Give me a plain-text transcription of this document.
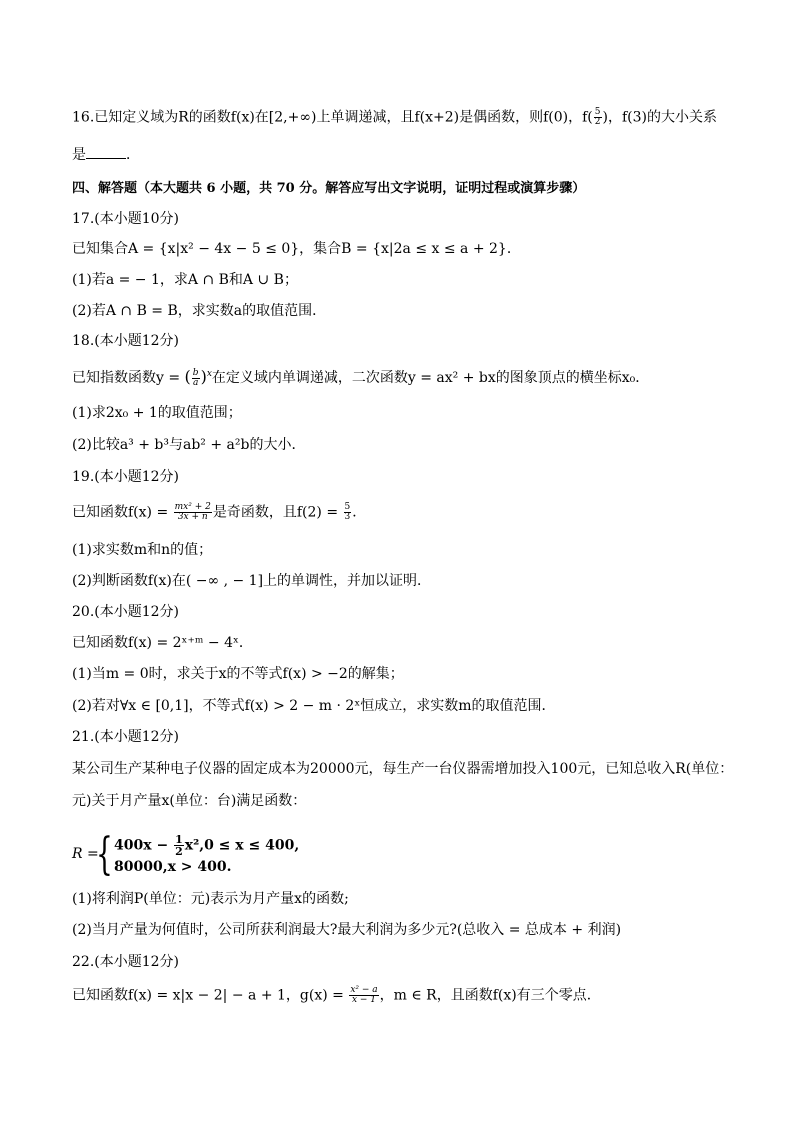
16.已知定义域为R的函数f(x)在[2,+∞)上单调递减，且f(x+2)是偶函数，则f(0)，$f( \frac{5}{2}$ )，f(3)的大小关系
是	．
四、解答题（本大题共 6 小题，共 70 分。解答应写出文字说明，证明过程或演算步骤）
17.(本小题10分)
已知集合A = {x|x² − 4x − 5 ≤ 0}，集合B = {x|2a ≤ x ≤ a + 2}．
(1)若a = − 1，求A ∩ B和A ∪ B；
(2)若A ∩ B = B，求实数a的取值范围．
18.(本小题12分)
已知指数函数y = ( $\frac{b}{a} )^x$在定义域内单调递减，二次函数y = ax² + bx的图象顶点的横坐标x₀．
(1)求2x₀ + 1的取值范围；
(2)比较a³ + b³与ab² + a²b的大小．
19.(本小题12分)
已知函数$f(x) = \frac{\text{mx² + 2}}{3x + n}$ 是奇函数，且$f(2) = \frac{5}{3}$ ．
(1)求实数m和n的值；
(2)判断函数f(x)在( −∞ , − 1]上的单调性，并加以证明．
20.(本小题12分)
已知函数f(x) = 2ˣ⁺ᵐ − 4ˣ．
(1)当m = 0时，求关于x的不等式f(x) > −2的解集；
(2)若对∀x ∈ [0,1]，不等式f(x) > 2 − m · 2ˣ恒成立，求实数m的取值范围．
21.(本小题12分)
某公司生产某种电子仪器的固定成本为20000元，每生产一台仪器需增加投入100元，已知总收入R(单位：
元)关于月产量x(单位：台)满足函数：
R =
{ $400x - \frac{1}{2} x^2,0 \le x \le 400$,
80000,x > 400.
(1)将利润P(单位：元)表示为月产量x的函数;
(2)当月产量为何值时，公司所获利润最大?最大利润为多少元?(总收入 = 总成本 + 利润)
22.(本小题12分)
已知函数f(x) = x|x − 2| − a + 1，$g(x) = \frac{\text{x² − a}}{x - 1}$ ，m ∈ R，且函数f(x)有三个零点．
